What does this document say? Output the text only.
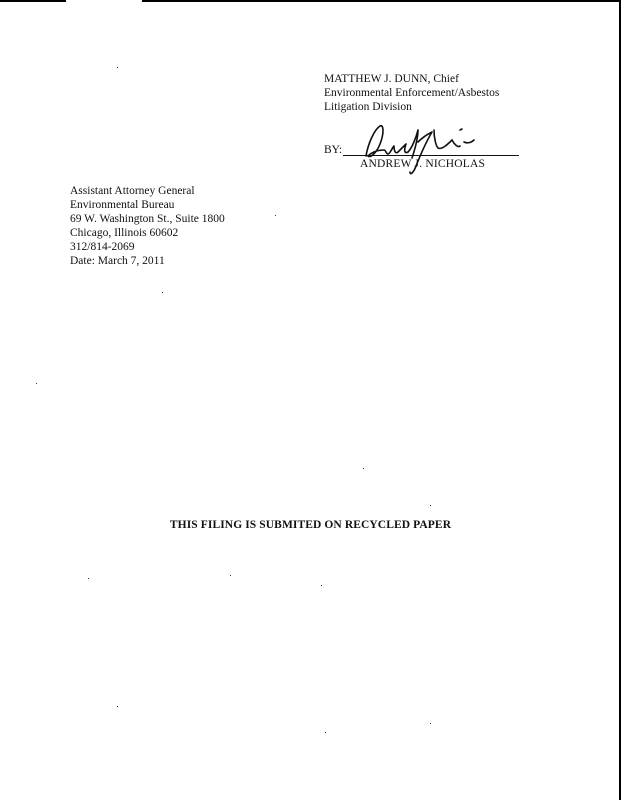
MATTHEW J. DUNN, Chief
Environmental Enforcement/Asbestos
Litigation Division
BY:
ANDREW J. NICHOLAS
Assistant Attorney General
Environmental Bureau
69 W. Washington St., Suite 1800
Chicago, Illinois 60602
312/814-2069
Date: March 7, 2011
THIS FILING IS SUBMITED ON RECYCLED PAPER
